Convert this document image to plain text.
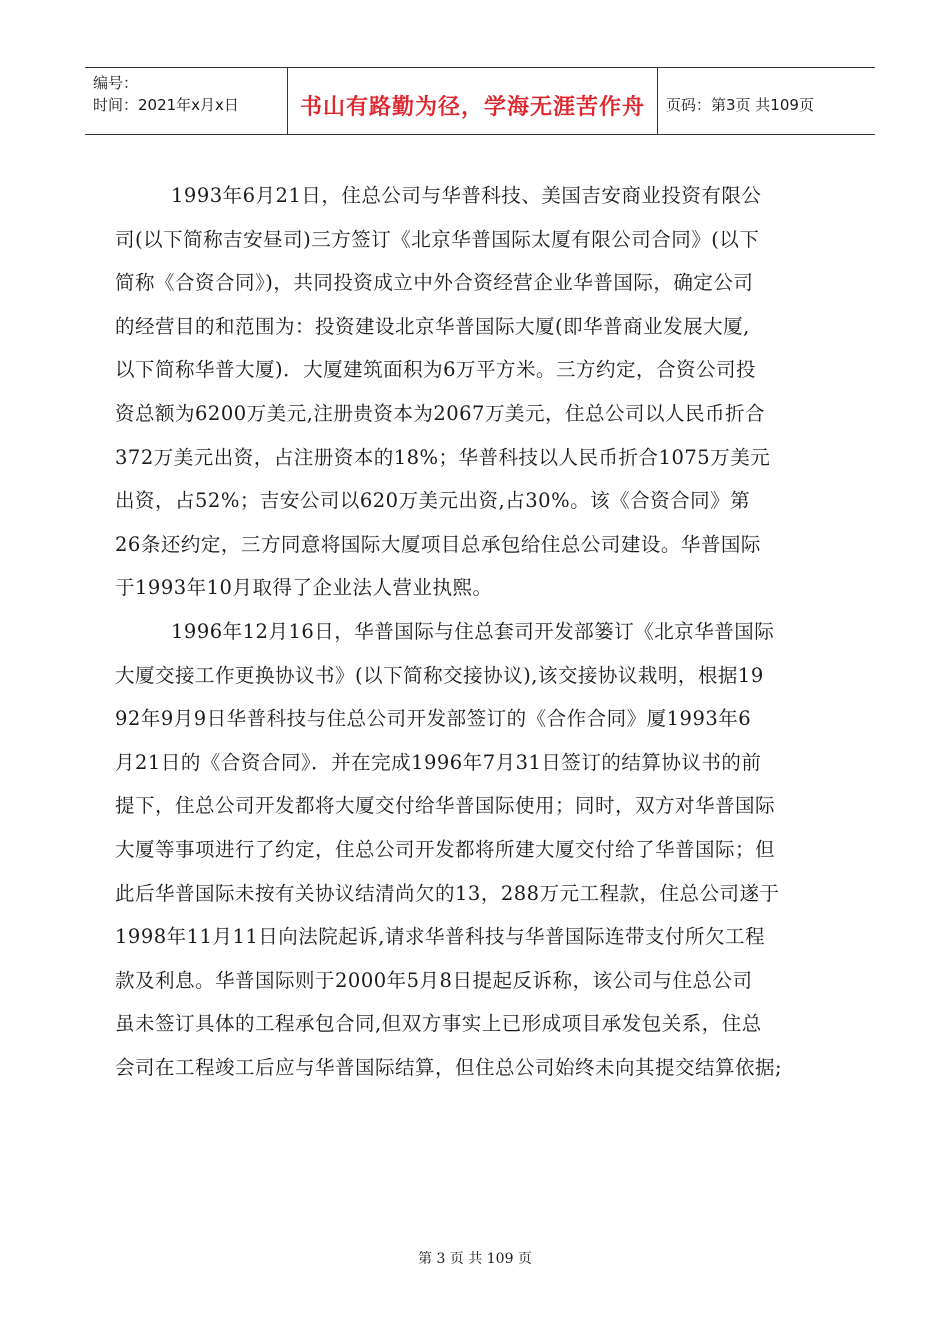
编号：
时间：2021年x月x日	书山有路勤为径，学海无涯苦作舟	页码：第3页 共109页
1993年6月21日，住总公司与华普科技、美国吉安商业投资有限公
司(以下简称吉安昼司)三方签订《北京华普国际太厦有限公司合同》(以下
简称《合资合同》)，共同投资成立中外合资经营企业华普国际，确定公司
的经营目的和范围为：投资建设北京华普国际大厦(即华普商业发展大厦,
以下简称华普大厦)．大厦建筑面积为6万平方米。三方约定，合资公司投
资总额为6200万美元,注册贵资本为2067万美元，住总公司以人民币折合
372万美元出资，占注册资本的18%；华普科技以人民币折合1075万美元
出资，占52%；吉安公司以620万美元出资,占30%。该《合资合同》第
26条还约定，三方同意将国际大厦项目总承包给住总公司建设。华普国际
于1993年10月取得了企业法人营业执熙。
1996年12月16日，华普国际与住总套司开发部篓订《北京华普国际
大厦交接工作更换协议书》(以下简称交接协议),该交接协议栽明，根据19
92年9月9日华普科技与住总公司开发部签订的《合作合同》厦1993年6
月21日的《合资合同》．并在完成1996年7月31日签订的结算协议书的前
提下，住总公司开发都将大厦交付给华普国际使用；同时，双方对华普国际
大厦等事项进行了约定，住总公司开发都将所建大厦交付给了华普国际；但
此后华普国际未按有关协议结清尚欠的13，288万元工程款，住总公司遂于
1998年11月11日向法院起诉,请求华普科技与华普国际连带支付所欠工程
款及利息。华普国际则于2000年5月8日提起反诉称，该公司与住总公司
虽未签订具体的工程承包合同,但双方事实上已形成项目承发包关系，住总
会司在工程竣工后应与华普国际结算，但住总公司始终未向其提交结算依据;
第 3 页 共 109 页
